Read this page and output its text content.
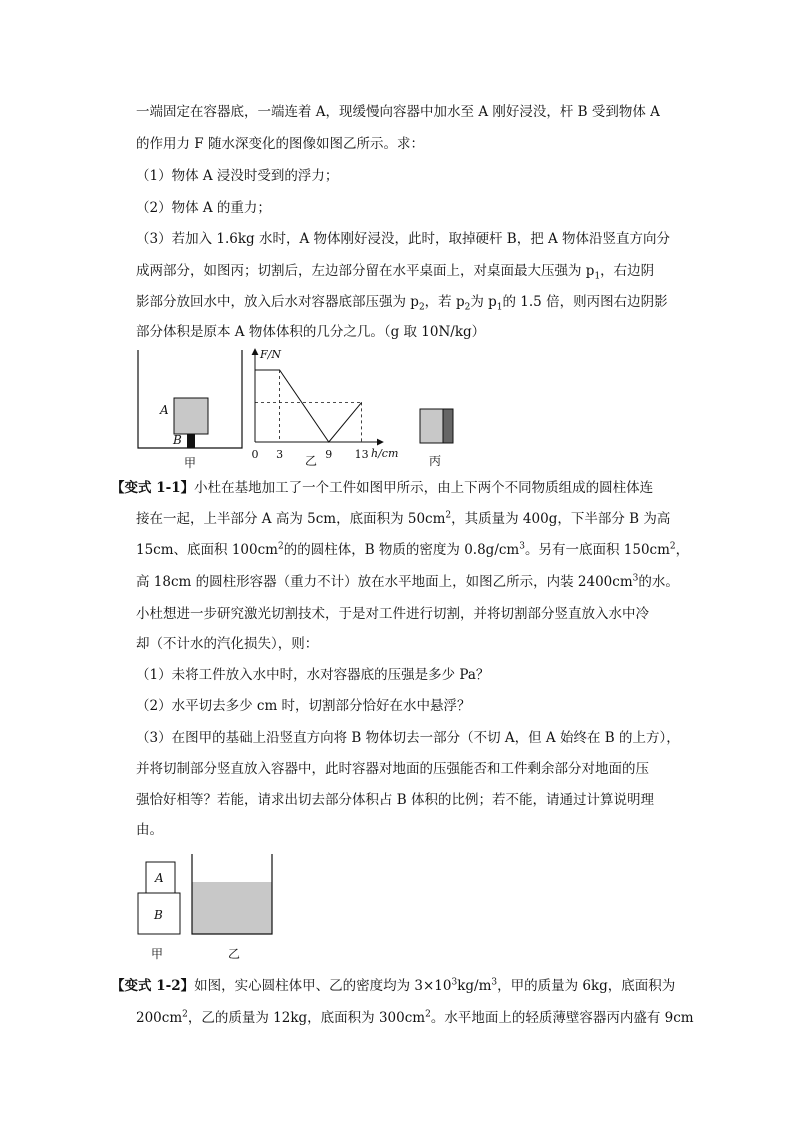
一端固定在容器底，一端连着 A，现缓慢向容器中加水至 A 刚好浸没，杆 B 受到物体 A
的作用力 F 随水深变化的图像如图乙所示。求：
（1）物体 A 浸没时受到的浮力；
（2）物体 A 的重力；
（3）若加入 1.6kg 水时，A 物体刚好浸没，此时，取掉硬杆 B，把 A 物体沿竖直方向分
成两部分，如图丙；切割后，左边部分留在水平桌面上，对桌面最大压强为 $p_1$，右边阴
影部分放回水中，放入后水对容器底部压强为 $p_2$，若 $p_2$为 $p_1$的 1.5 倍，则丙图右边阴影
部分体积是原本 A 物体体积的几分之几。（g 取 10N/kg）
A
B
甲
F/N
h/cm
0 3	9 13
乙	丙
【变式 1-1】小杜在基地加工了一个工件如图甲所示，由上下两个不同物质组成的圆柱体连
接在一起，上半部分 A 高为 5cm，底面积为 $50cm^2$，其质量为 400g，下半部分 B 为高
15cm、底面积 $100cm^2$的的圆柱体，B 物质的密度为 $0.8g/cm^3$。另有一底面积 $150cm^2$，
高 18cm 的圆柱形容器（重力不计）放在水平地面上，如图乙所示，内装 $2400cm^3$的水。
小杜想进一步研究激光切割技术，于是对工件进行切割，并将切割部分竖直放入水中冷
却（不计水的汽化损失），则：
（1）未将工件放入水中时，水对容器底的压强是多少 Pa？
（2）水平切去多少 cm 时，切割部分恰好在水中悬浮？
（3）在图甲的基础上沿竖直方向将 B 物体切去一部分（不切 A，但 A 始终在 B 的上方），
并将切制部分竖直放入容器中，此时容器对地面的压强能否和工件剩余部分对地面的压
强恰好相等？若能，请求出切去部分体积占 B 体积的比例；若不能，请通过计算说明理
由。
A
B
甲	乙
【变式 1-2】如图，实心圆柱体甲、乙的密度均为 $3\times 10^3kg/m^3$，甲的质量为 6kg，底面积为
$200cm^2$，乙的质量为 12kg，底面积为 $300cm^2$。水平地面上的轻质薄壁容器丙内盛有 9cm
